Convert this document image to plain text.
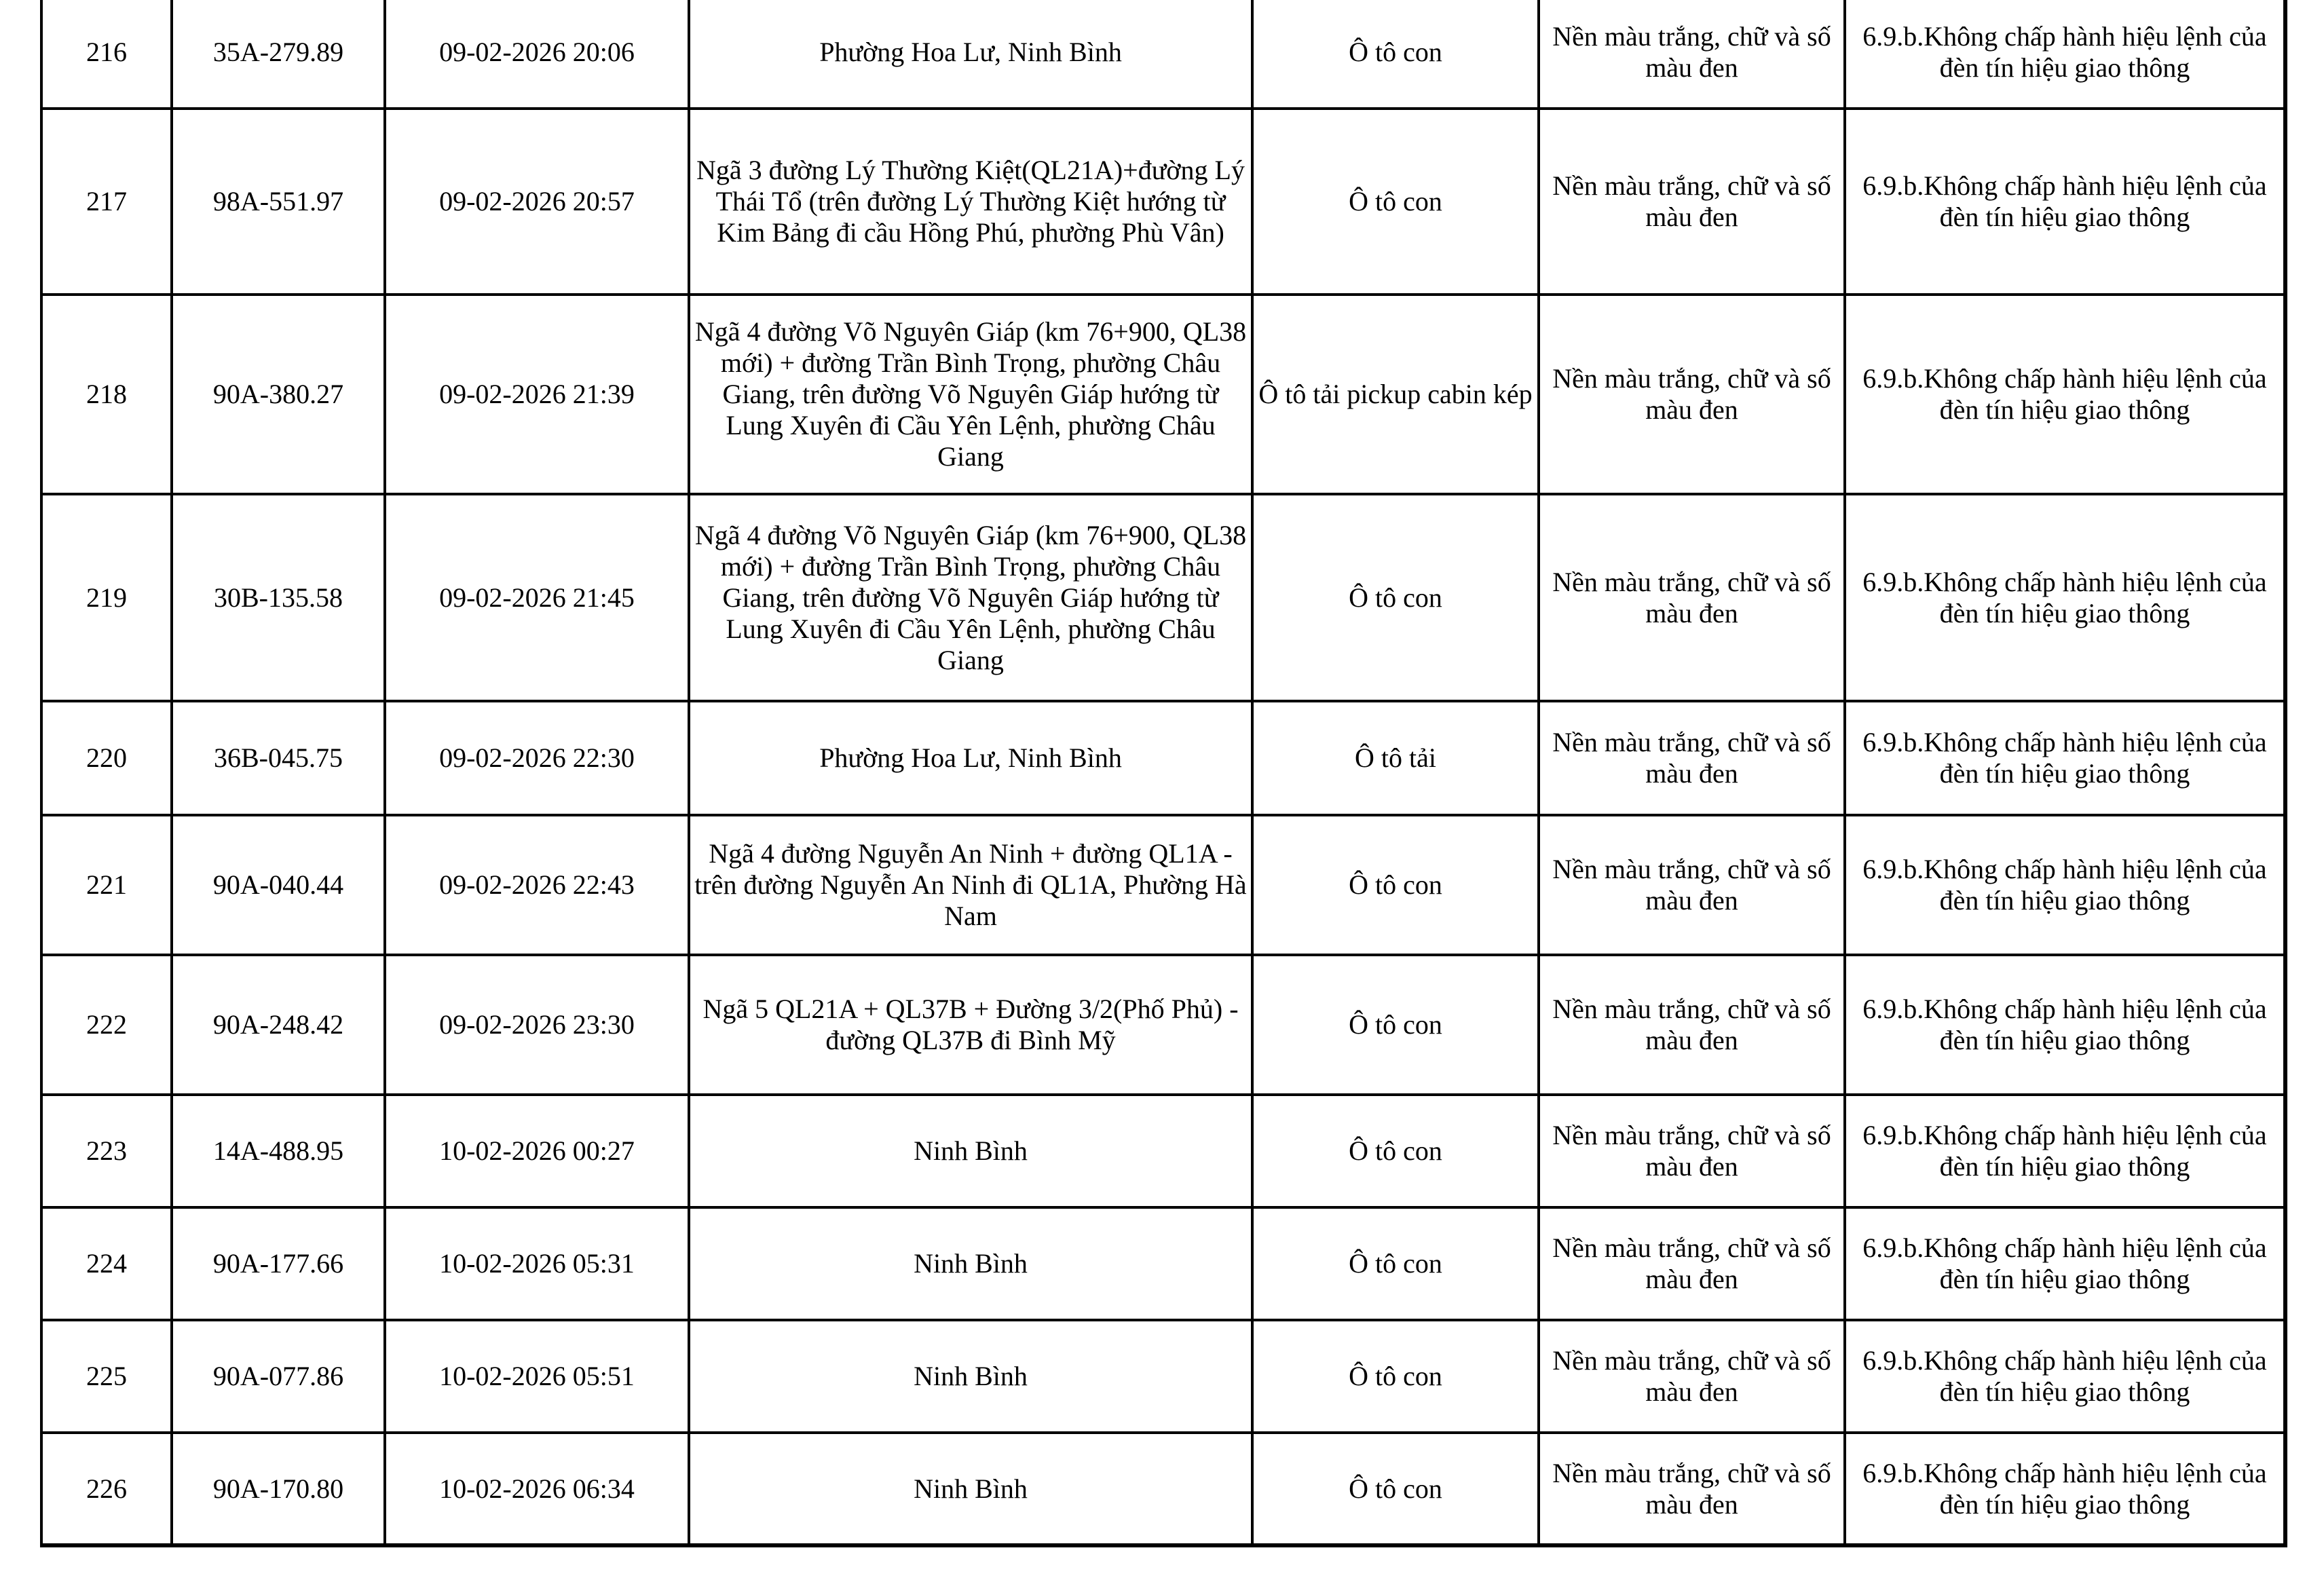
216	35A-279.89	09-02-2026 20:06	Phường Hoa Lư, Ninh Bình	Ô tô con	Nền màu trắng, chữ và số màu đen	6.9.b.Không chấp hành hiệu lệnh của đèn tín hiệu giao thông
217	98A-551.97	09-02-2026 20:57	Ngã 3 đường Lý Thường Kiệt(QL21A)+đường Lý Thái Tổ (trên đường Lý Thường Kiệt hướng từ Kim Bảng đi cầu Hồng Phú, phường Phù Vân)	Ô tô con	Nền màu trắng, chữ và số màu đen	6.9.b.Không chấp hành hiệu lệnh của đèn tín hiệu giao thông
218	90A-380.27	09-02-2026 21:39	Ngã 4 đường Võ Nguyên Giáp (km 76+900, QL38 mới) + đường Trần Bình Trọng, phường Châu Giang, trên đường Võ Nguyên Giáp hướng từ Lung Xuyên đi Cầu Yên Lệnh, phường Châu Giang	Ô tô tải pickup cabin kép	Nền màu trắng, chữ và số màu đen	6.9.b.Không chấp hành hiệu lệnh của đèn tín hiệu giao thông
219	30B-135.58	09-02-2026 21:45	Ngã 4 đường Võ Nguyên Giáp (km 76+900, QL38 mới) + đường Trần Bình Trọng, phường Châu Giang, trên đường Võ Nguyên Giáp hướng từ Lung Xuyên đi Cầu Yên Lệnh, phường Châu Giang	Ô tô con	Nền màu trắng, chữ và số màu đen	6.9.b.Không chấp hành hiệu lệnh của đèn tín hiệu giao thông
220	36B-045.75	09-02-2026 22:30	Phường Hoa Lư, Ninh Bình	Ô tô tải	Nền màu trắng, chữ và số màu đen	6.9.b.Không chấp hành hiệu lệnh của đèn tín hiệu giao thông
221	90A-040.44	09-02-2026 22:43	Ngã 4 đường Nguyễn An Ninh + đường QL1A - trên đường Nguyễn An Ninh đi QL1A, Phường Hà Nam	Ô tô con	Nền màu trắng, chữ và số màu đen	6.9.b.Không chấp hành hiệu lệnh của đèn tín hiệu giao thông
222	90A-248.42	09-02-2026 23:30	Ngã 5 QL21A + QL37B + Đường 3/2(Phố Phủ) - đường QL37B đi Bình Mỹ	Ô tô con	Nền màu trắng, chữ và số màu đen	6.9.b.Không chấp hành hiệu lệnh của đèn tín hiệu giao thông
223	14A-488.95	10-02-2026 00:27	Ninh Bình	Ô tô con	Nền màu trắng, chữ và số màu đen	6.9.b.Không chấp hành hiệu lệnh của đèn tín hiệu giao thông
224	90A-177.66	10-02-2026 05:31	Ninh Bình	Ô tô con	Nền màu trắng, chữ và số màu đen	6.9.b.Không chấp hành hiệu lệnh của đèn tín hiệu giao thông
225	90A-077.86	10-02-2026 05:51	Ninh Bình	Ô tô con	Nền màu trắng, chữ và số màu đen	6.9.b.Không chấp hành hiệu lệnh của đèn tín hiệu giao thông
226	90A-170.80	10-02-2026 06:34	Ninh Bình	Ô tô con	Nền màu trắng, chữ và số màu đen	6.9.b.Không chấp hành hiệu lệnh của đèn tín hiệu giao thông
